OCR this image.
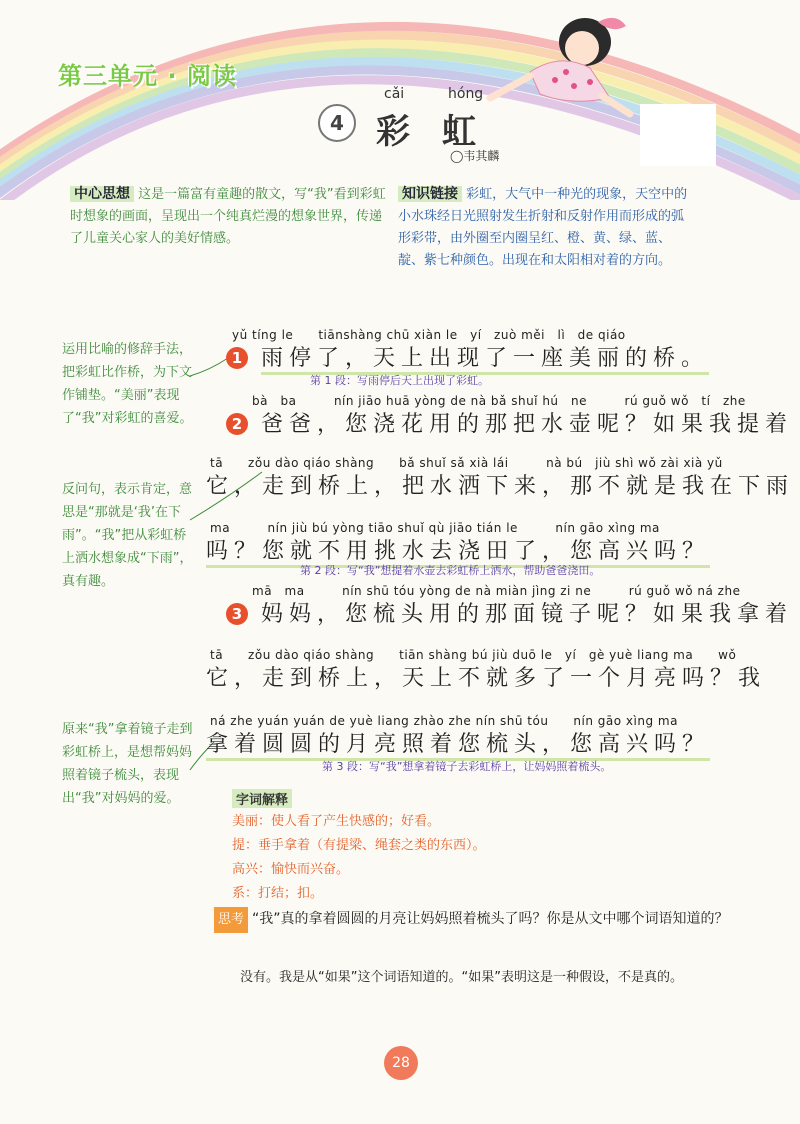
第三单元 · 阅读
4
cǎi
彩
hóng
虹
◯韦其麟
中心思想 这是一篇富有童趣的散文，写“我”看到彩虹时想象的画面，呈现出一个纯真烂漫的想象世界，传递了儿童关心家人的美好情感。
知识链接 彩虹，大气中一种光的现象，天空中的小水珠经日光照射发生折射和反射作用而形成的弧形彩带，由外圈至内圈呈红、橙、黄、绿、蓝、靛、紫七种颜色。出现在和太阳相对着的方向。
运用比喻的修辞手法，把彩虹比作桥，为下文作铺垫。“美丽”表现了“我”对彩虹的喜爱。
反问句，表示肯定，意思是“那就是‘我’在下雨”。“我”把从彩虹桥上洒水想象成“下雨”，真有趣。
原来“我”拿着镜子走到彩虹桥上，是想帮妈妈照着镜子梳头，表现出“我”对妈妈的爱。
yǔ tíng le　　tiānshàng chū xiàn le　yí　zuò měi　lì　de qiáo
1 雨停了，天上出现了一座美丽的桥。
第 1 段：写雨停后天上出现了彩虹。
bà　ba　　　nín jiāo huā yòng de nà bǎ shuǐ hú　ne　　　rú guǒ wǒ　tí　zhe
2 爸爸，您浇花用的那把水壶呢？如果我提着
tā　　zǒu dào qiáo shàng　　bǎ shuǐ sǎ xià lái　　　nà bú　jiù shì wǒ zài xià yǔ
它，走到桥上，把水洒下来，那不就是我在下雨
ma　　　nín jiù bú yòng tiāo shuǐ qù jiāo tián le　　　nín gāo xìng ma
吗？您就不用挑水去浇田了，您高兴吗？
第 2 段：写“我”想提着水壶去彩虹桥上洒水，帮助爸爸浇田。
mā　ma　　　nín shū tóu yòng de nà miàn jìng zi ne　　　rú guǒ wǒ ná zhe
3 妈妈，您梳头用的那面镜子呢？如果我拿着
tā　　zǒu dào qiáo shàng　　tiān shàng bú jiù duō le　yí　gè yuè liang ma　　wǒ
它，走到桥上，天上不就多了一个月亮吗？我
ná zhe yuán yuán de yuè liang zhào zhe nín shū tóu　　nín gāo xìng ma
拿着圆圆的月亮照着您梳头，您高兴吗？
第 3 段：写“我”想拿着镜子去彩虹桥上，让妈妈照着梳头。
字词解释
美丽：使人看了产生快感的；好看。
提：垂手拿着（有提梁、绳套之类的东西）。
高兴：愉快而兴奋。
系：打结；扣。
思考 “我”真的拿着圆圆的月亮让妈妈照着梳头了吗？你是从文中哪个词语知道的？
没有。我是从“如果”这个词语知道的。“如果”表明这是一种假设，不是真的。
28
